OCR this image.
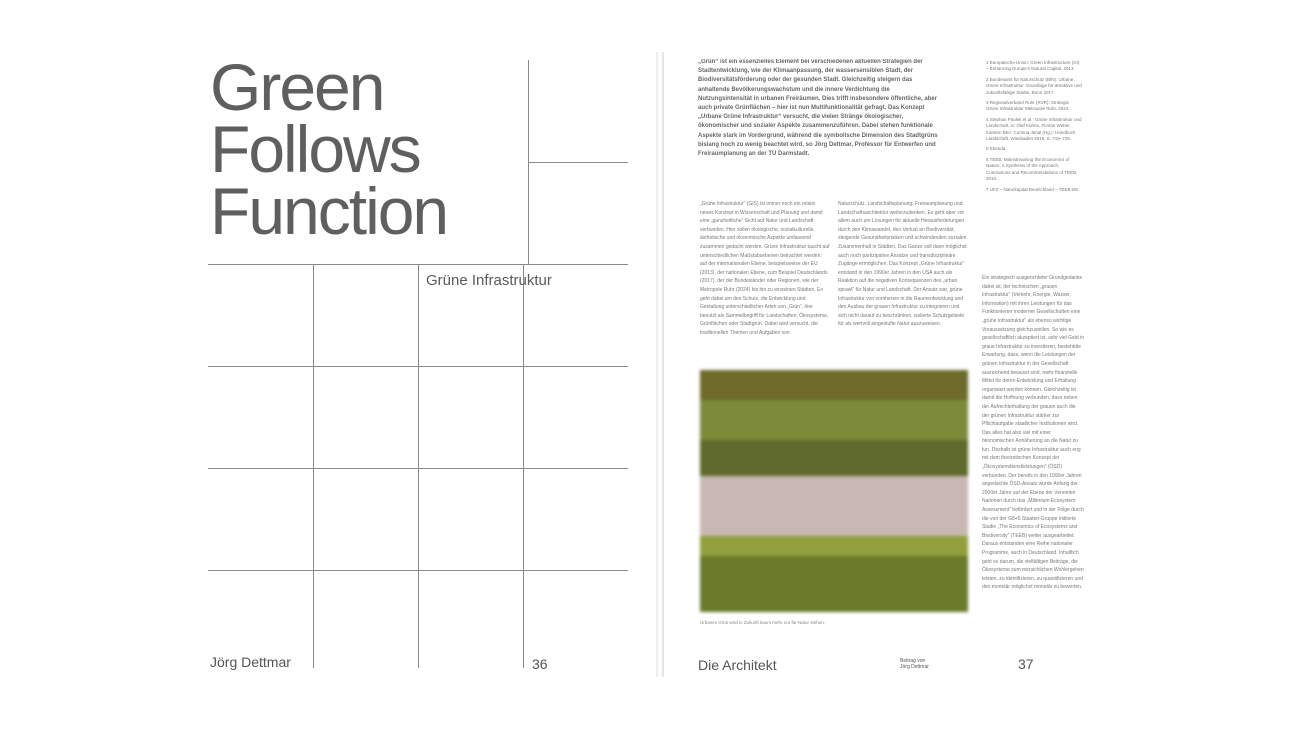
Green
Follows
Function
Grüne Infrastruktur
Jörg Dettmar	36
„Grün“ ist ein essenzielles Element bei verschiedenen aktuellen Strategien der Stadtentwicklung, wie der Klimaanpassung, der wassersensiblen Stadt, der Biodiversitätsförderung oder der gesunden Stadt. Gleichzeitig steigern das anhaltende Bevölkerungswachstum und die innere Verdichtung die Nutzungsintensität in urbanen Freiräumen. Dies trifft insbesondere öffentliche, aber auch private Grünflächen – hier ist nun Multifunktionalität gefragt. Das Konzept „Urbane Grüne Infrastruktur“ versucht, die vielen Stränge ökologischer, ökonomischer und sozialer Aspekte zusammenzuführen. Dabei stehen funktionale Aspekte stark im Vordergrund, während die symbolische Dimension des Stadtgrüns bislang noch zu wenig beachtet wird, so Jörg Dettmar, Professor für Entwerfen und Freiraumplanung an der TU Darmstadt.

1 Europäische Union: Green Infrastructure (GI) – Enhancing Europe’s Natural Capital, 2013.

2 Bundesamt für Naturschutz (BfN): Urbane Grüne Infrastruktur. Grundlage für attraktive und zukunftsfähige Städte, Bonn 2017.

3 Regionalverband Ruhr (RVR): Strategie Grüne Infrastruktur Metropole Ruhr, 2024.

4 Stephan Pauleit et al.: Grüne Infrastruktur und Landschaft, in: Olaf Kühne, Florian Weber, Karsten Berr, Corinna Jenal (Hg.): Handbuch Landschaft, Wiesbaden 2019, S. 719–728.

5 Ebenda.

6 TEEB: Mainstreaming the Economics of Nature. A Synthesis of the Approach, Conclusions and Recommendations of TEEB, 2010.

7 UFZ – Naturkapital Deutschland – TEEB-DE.

„Grüne Infrastruktur“ (GIS) ist immer noch ein relativ neues Konzept in Wissenschaft und Planung und damit eine „ganzheitliche“ Sicht auf Natur und Landschaft verbunden. Hier sollen ökologische, sozialkulturelle, ästhetische und ökonomische Aspekte umfassend zusammen gedacht werden. Grüne Infrastruktur taucht auf unterschiedlichen Maßstabsebenen betrachtet werden: auf der internationalen Ebene, beispielsweise der EU (2013), der nationalen Ebene, zum Beispiel Deutschlands (2017), der der Bundesländer oder Regionen, wie der Metropole Ruhr (2024) bis hin zu einzelnen Städten. Es geht dabei um den Schutz, die Entwicklung und Gestaltung unterschiedlicher Arten von „Grün“, hier benutzt als Sammelbegriff für Landschaften, Ökosysteme, Grünflächen oder Stadtgrün. Dabei wird versucht, die traditionellen Themen und Aufgaben von
Naturschutz, Landschaftsplanung, Freiraumplanung und Landschaftsarchitektur weiterzudenken. Es geht aber vor allem auch um Lösungen für aktuelle Herausforderungen durch den Klimawandel, den Verlust an Biodiversität, steigende Gesundheitsrisiken und schwindenden sozialen Zusammenhalt in Städten. Das Ganze soll dann möglichst auch noch partizipative Ansätze und transdisziplinäre Zugänge ermöglichen. Das Konzept „Grüne Infrastruktur“ entstand in den 1990er Jahren in den USA auch als Reaktion auf die negativen Konsequenzen des „urban sprawl“ für Natur und Landschaft. Der Ansatz war, grüne Infrastruktur von vornherein in die Raumentwicklung und den Ausbau der grauen Infrastruktur zu integrieren und sich nicht darauf zu beschränken, isolierte Schutzgebiete für als wertvoll eingestufte Natur auszuweisen.
Ein strategisch ausgerichteter Grundgedanke dabei ist, der technischen „grauen Infrastruktur“ (Verkehr, Energie, Wasser, Information) mit ihren Leistungen für das Funktionieren moderner Gesellschaften eine „grüne Infrastruktur“ als ebenso wichtige Voraussetzung gleichzustellen. So wie es gesellschaftlich akzeptiert ist, sehr viel Geld in graue Infrastruktur zu investieren, bestehtdie Erwartung, dass, wenn die Leistungen der grünen Infrastruktur in der Gesellschaft ausreichend bewusst sind, mehr finanzielle Mittel für deren Entwicklung und Erhaltung organisiert werden können. Gleichzeitig ist damit die Hoffnung verbunden, dass neben der Aufrechterhaltung der grauen auch die der grünen Infrastruktur stärker zur Pflichtaufgabe staatlicher Institutionen wird. Das alles hat also viel mit einer ökonomischen Annäherung an die Natur zu tun. Deshalb ist grüne Infrastruktur auch eng mit dem theoretischen Konzept der „Ökosystemdienstleistungen“ (ÖSD) verbunden. Der bereits in den 1990er Jahren angedachte ÖSD-Ansatz wurde Anfang der 2000er Jahre auf der Ebene der Vereinten Nationen durch das „Millenium Ecosystem Assessment“ befördert und in der Folge durch die von der G8+5 Staaten-Gruppe initiierte Studie „The Economics of Ecosystems and Biodiversity“ (TEEB) weiter ausgearbeitet. Daraus entstanden eine Reihe nationaler Programme, auch in Deutschland. Inhaltlich geht es darum, die vielfältigen Beiträge, die Ökosysteme zum menschlichen Wohlergehen leisten, zu identifizieren, zu quantifizieren und den monetär möglichst monetär zu bewerten.
Urbanes Grün wird in Zukunft kaum mehr nur für Natur stehen.
Die Architekt	Beitrag von
Jörg Dettmar	37
